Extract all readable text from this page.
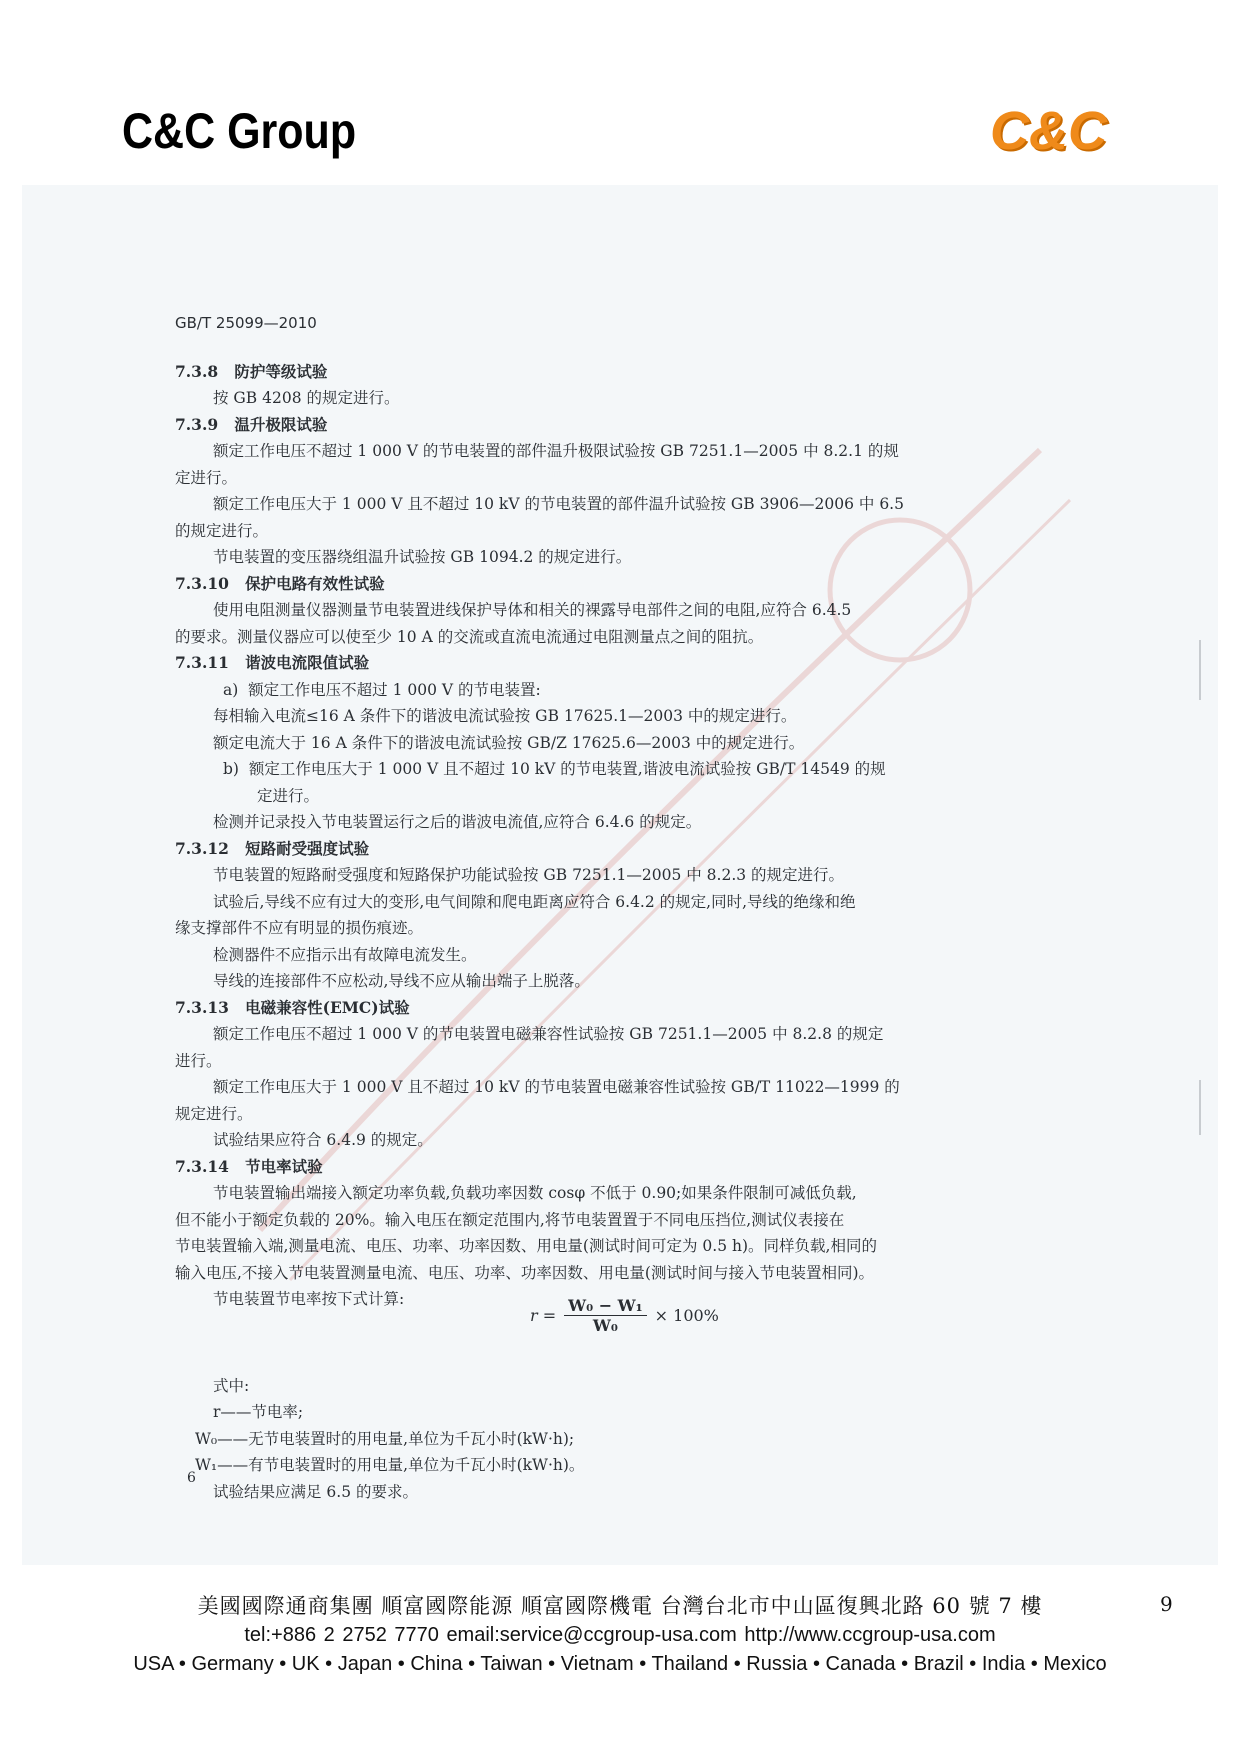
C&C Group	C&C
GB/T 25099—2010
7.3.8   防护等级试验
按 GB 4208 的规定进行。
7.3.9   温升极限试验
额定工作电压不超过 1 000 V 的节电装置的部件温升极限试验按 GB 7251.1—2005 中 8.2.1 的规
定进行。
额定工作电压大于 1 000 V 且不超过 10 kV 的节电装置的部件温升试验按 GB 3906—2006 中 6.5
的规定进行。
节电装置的变压器绕组温升试验按 GB 1094.2 的规定进行。
7.3.10   保护电路有效性试验
使用电阻测量仪器测量节电装置进线保护导体和相关的裸露导电部件之间的电阻,应符合 6.4.5
的要求。测量仪器应可以使至少 10 A 的交流或直流电流通过电阻测量点之间的阻抗。
7.3.11   谐波电流限值试验
a)  额定工作电压不超过 1 000 V 的节电装置:
每相输入电流≤16 A 条件下的谐波电流试验按 GB 17625.1—2003 中的规定进行。
额定电流大于 16 A 条件下的谐波电流试验按 GB/Z 17625.6—2003 中的规定进行。
b)  额定工作电压大于 1 000 V 且不超过 10 kV 的节电装置,谐波电流试验按 GB/T 14549 的规
定进行。
检测并记录投入节电装置运行之后的谐波电流值,应符合 6.4.6 的规定。
7.3.12   短路耐受强度试验
节电装置的短路耐受强度和短路保护功能试验按 GB 7251.1—2005 中 8.2.3 的规定进行。
试验后,导线不应有过大的变形,电气间隙和爬电距离应符合 6.4.2 的规定,同时,导线的绝缘和绝
缘支撑部件不应有明显的损伤痕迹。
检测器件不应指示出有故障电流发生。
导线的连接部件不应松动,导线不应从输出端子上脱落。
7.3.13   电磁兼容性(EMC)试验
额定工作电压不超过 1 000 V 的节电装置电磁兼容性试验按 GB 7251.1—2005 中 8.2.8 的规定
进行。
额定工作电压大于 1 000 V 且不超过 10 kV 的节电装置电磁兼容性试验按 GB/T 11022—1999 的
规定进行。
试验结果应符合 6.4.9 的规定。
7.3.14   节电率试验
节电装置输出端接入额定功率负载,负载功率因数 cosφ 不低于 0.90;如果条件限制可减低负载,
但不能小于额定负载的 20%。输入电压在额定范围内,将节电装置置于不同电压挡位,测试仪表接在
节电装置输入端,测量电流、电压、功率、功率因数、用电量(测试时间可定为 0.5 h)。同样负载,相同的
输入电压,不接入节电装置测量电流、电压、功率、功率因数、用电量(测试时间与接入节电装置相同)。
节电装置节电率按下式计算:
式中:
r——节电率;
W₀——无节电装置时的用电量,单位为千瓦小时(kW·h);
W₁——有节电装置时的用电量,单位为千瓦小时(kW·h)。
试验结果应满足 6.5 的要求。
$r = \frac{\text{W₀ − W₁}}{\text{W₀}} \times 100\%$
6
美國國際通商集團 順富國際能源 順富國際機電 台灣台北市中山區復興北路 60 號 7 樓
tel:+886 2 2752 7770 email:service@ccgroup-usa.com http://www.ccgroup-usa.com
USA • Germany • UK • Japan • China • Taiwan • Vietnam • Thailand • Russia • Canada • Brazil • India • Mexico
9
